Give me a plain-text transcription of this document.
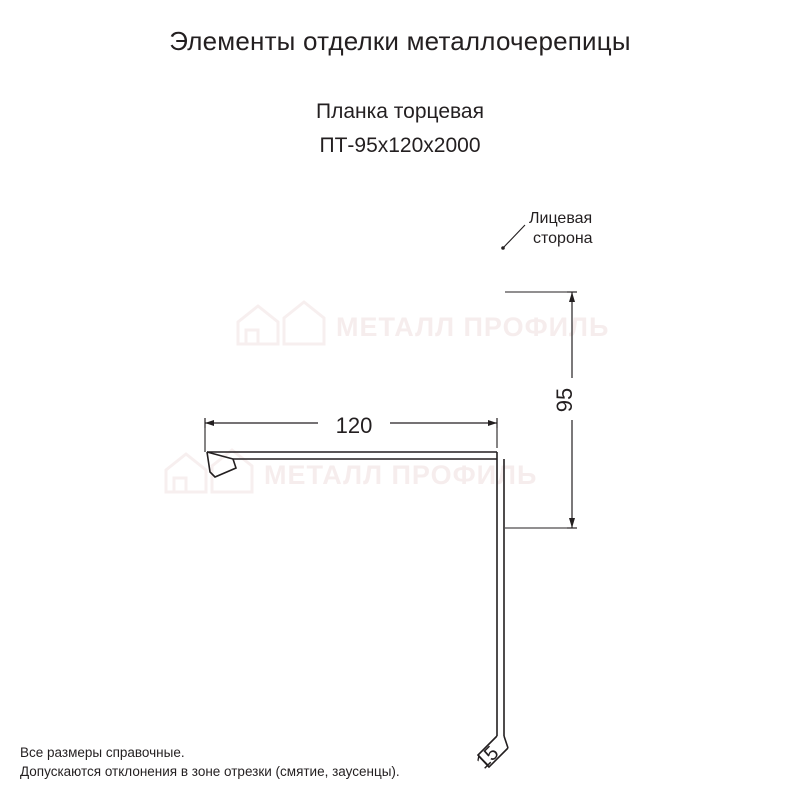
Элементы отделки металлочерепицы
Планка торцевая
ПТ-95х120х2000
МЕТАЛЛ ПРОФИЛЬ
МЕТАЛЛ ПРОФИЛЬ
120
95
15
Лицевая
сторона
Все размеры справочные.
Допускаются отклонения в зоне отрезки (смятие, заусенцы).
